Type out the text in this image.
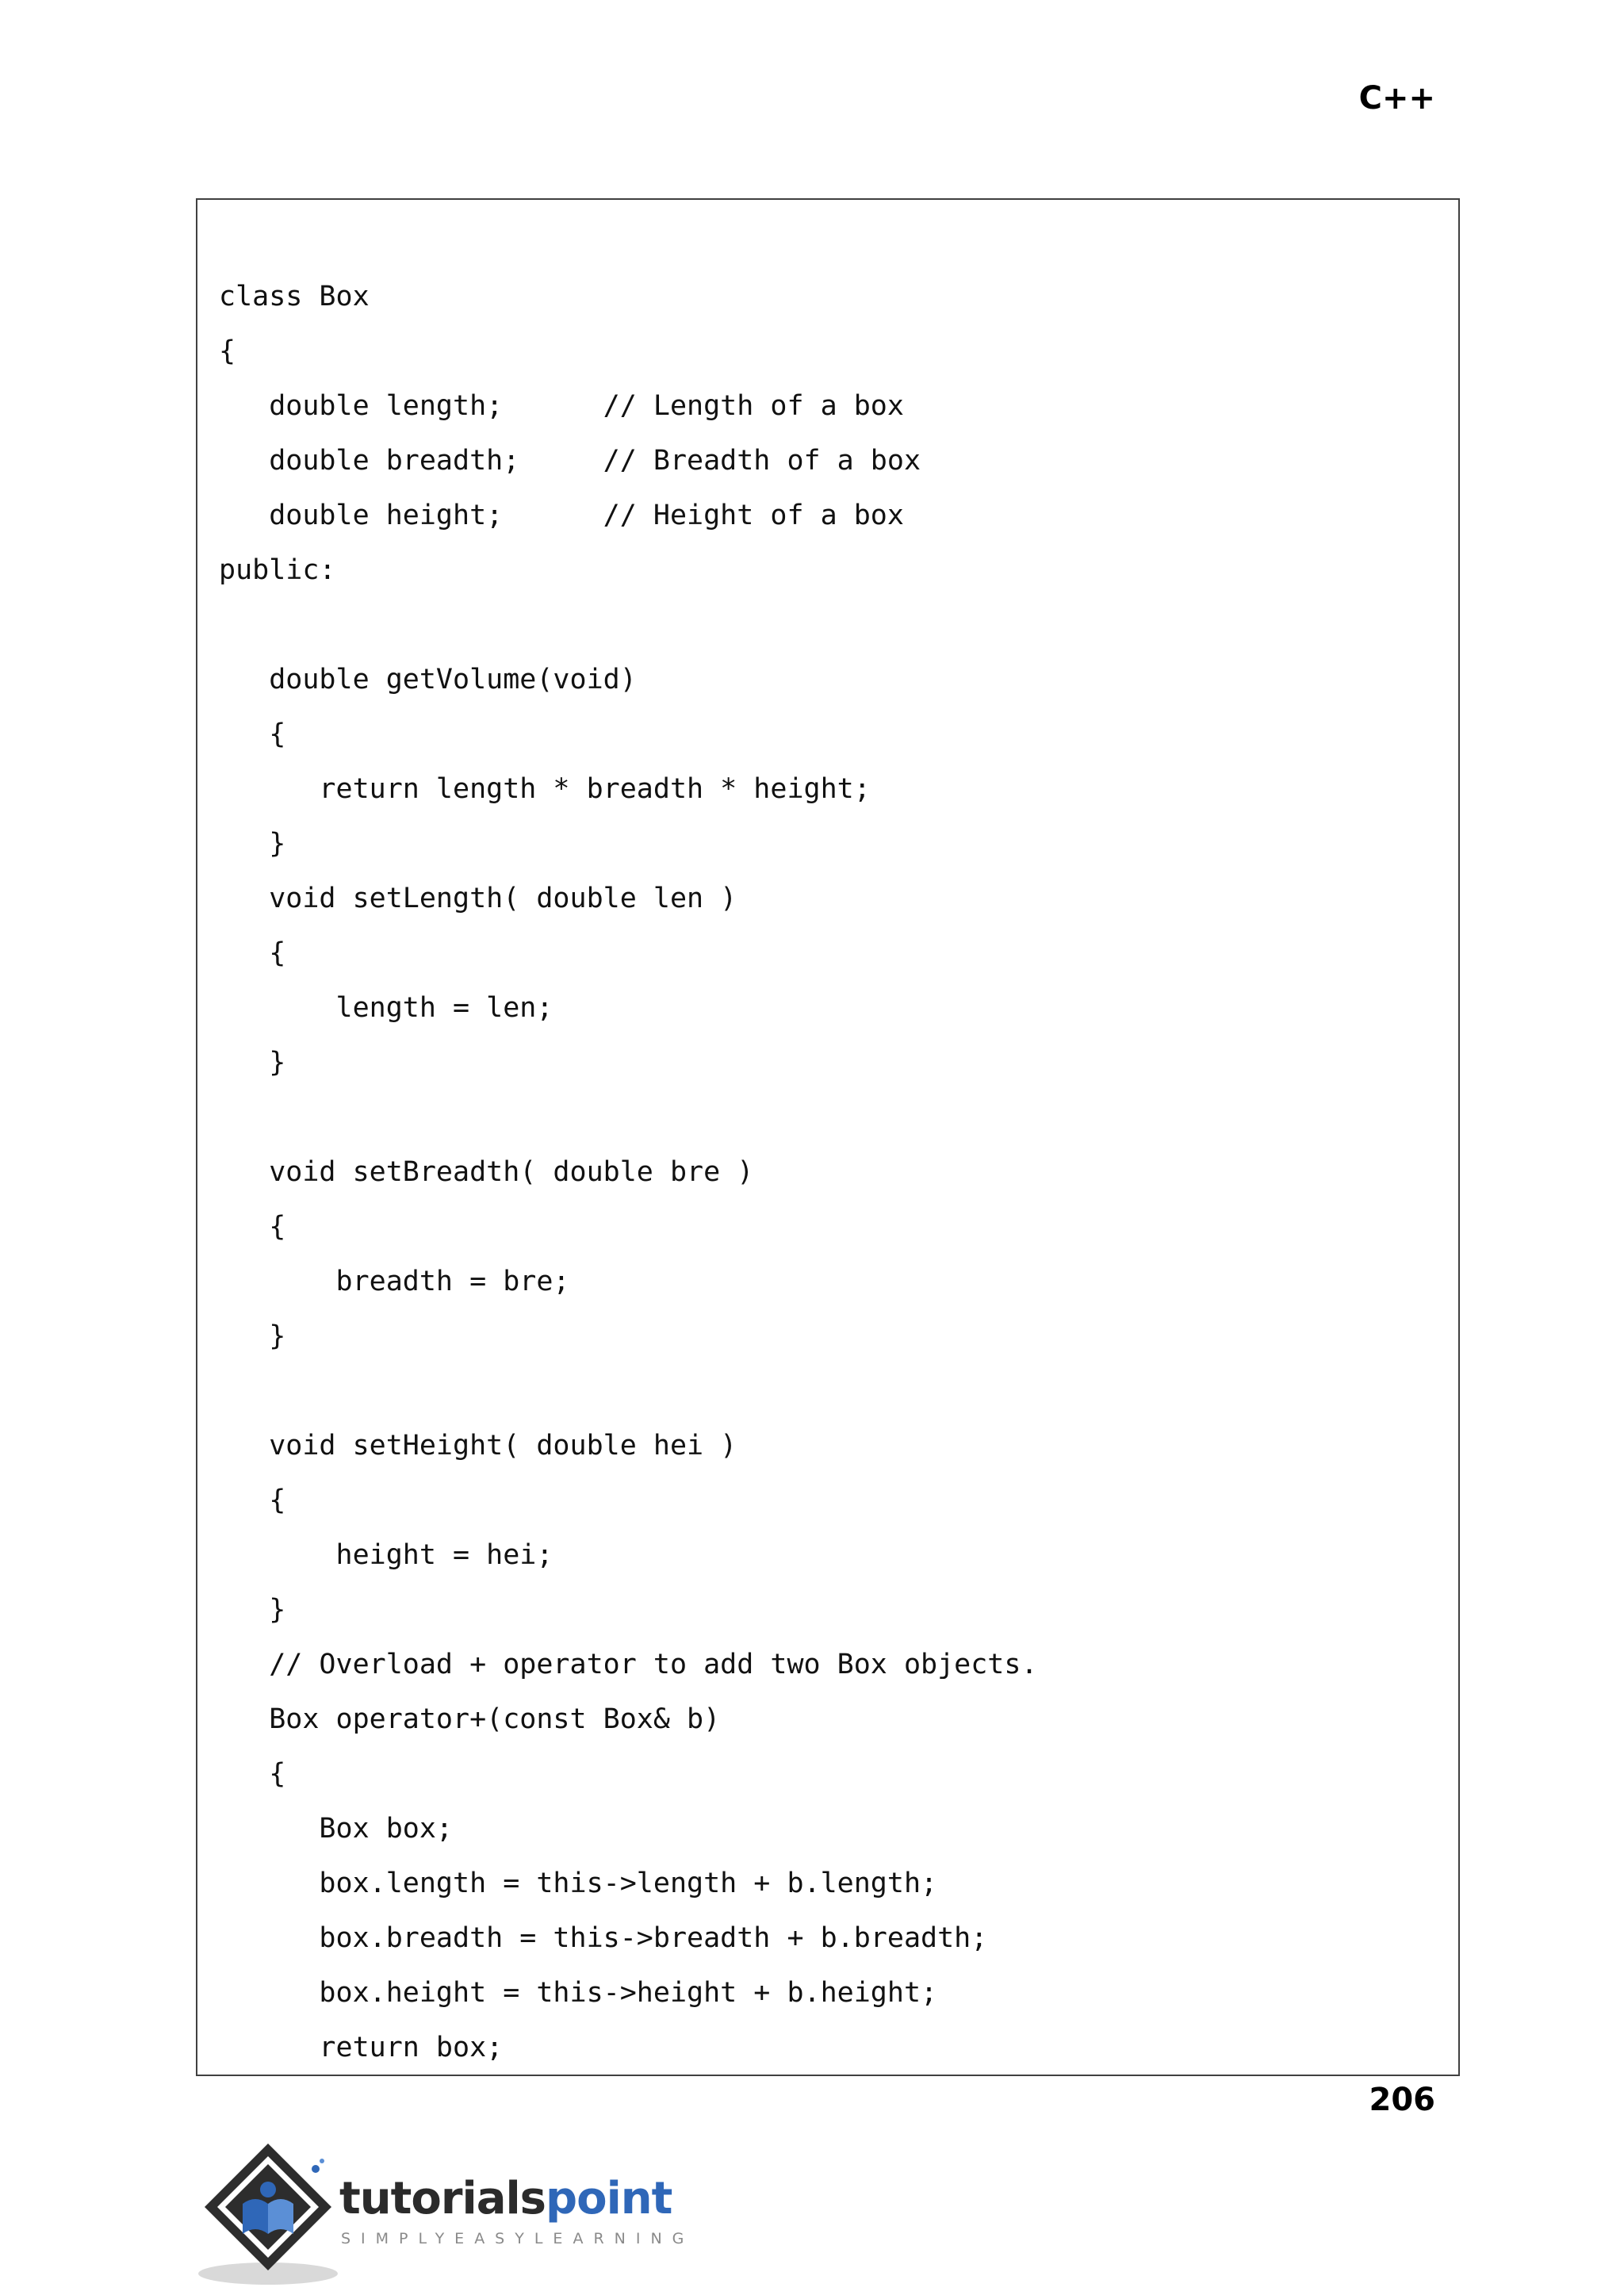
C++
class Box
{
double length;      // Length of a box
double breadth;     // Breadth of a box
double height;      // Height of a box
public:
double getVolume(void)
{
return length * breadth * height;
}
void setLength( double len )
{
length = len;
}
void setBreadth( double bre )
{
breadth = bre;
}
void setHeight( double hei )
{
height = hei;
}
// Overload + operator to add two Box objects.
Box operator+(const Box& b)
{
Box box;
box.length = this->length + b.length;
box.breadth = this->breadth + b.breadth;
box.height = this->height + b.height;
return box;
206
tutorialspoint
SIMPLYEASYLEARNING
